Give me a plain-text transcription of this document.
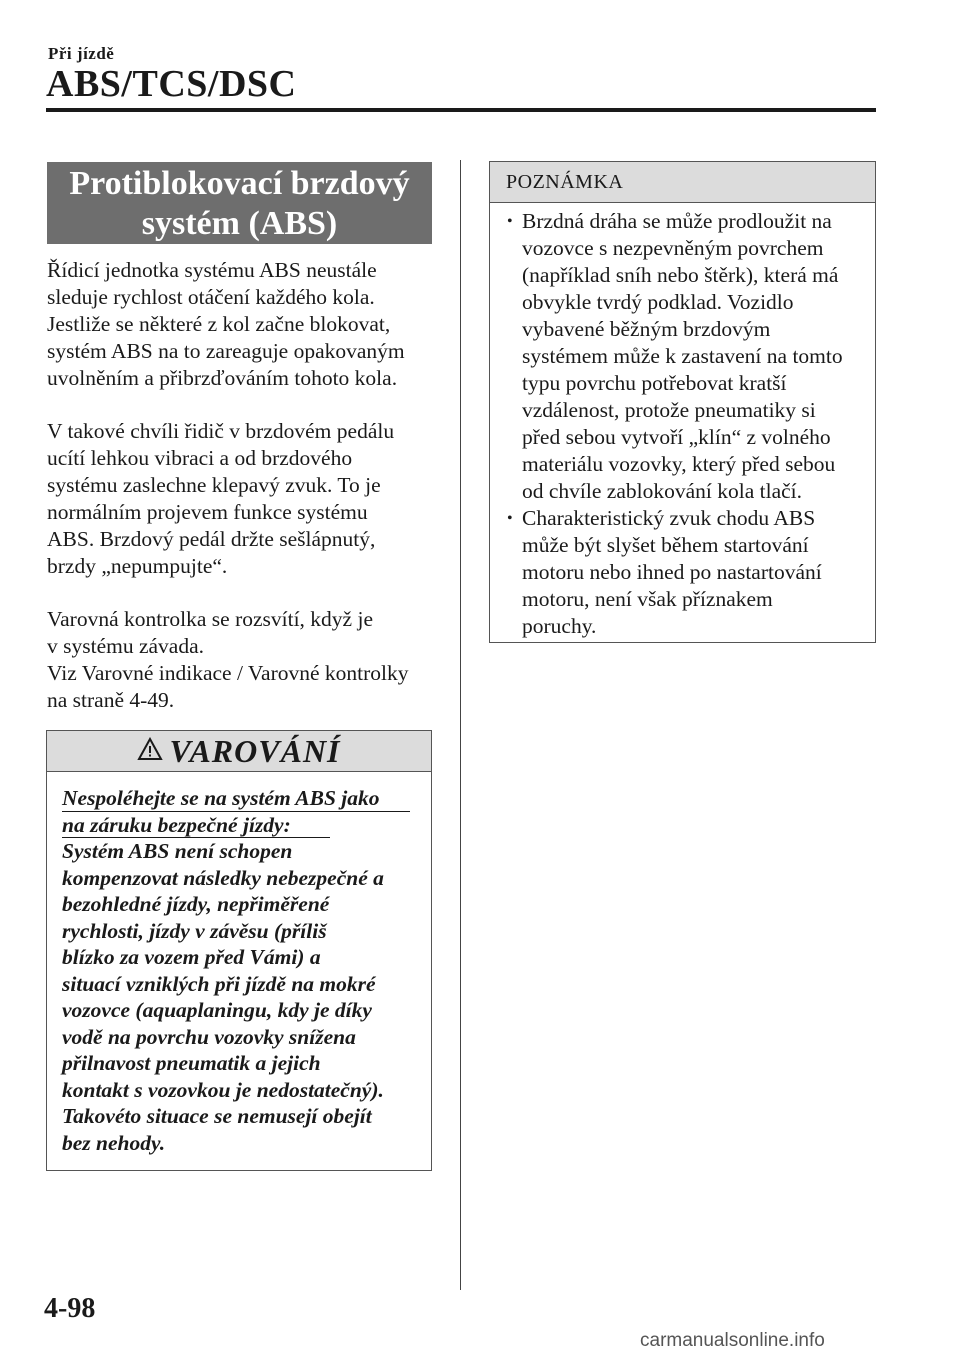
Při jízdě
ABS/TCS/DSC
Protiblokovací brzdový
systém (ABS)
Řídicí jednotka systému ABS neustále
sleduje rychlost otáčení každého kola.
Jestliže se některé z kol začne blokovat,
systém ABS na to zareaguje opakovaným
uvolněním a přibrzďováním tohoto kola.
V takové chvíli řidič v brzdovém pedálu
ucítí lehkou vibraci a od brzdového
systému zaslechne klepavý zvuk. To je
normálním projevem funkce systému
ABS. Brzdový pedál držte sešlápnutý,
brzdy „nepumpujte“.
Varovná kontrolka se rozsvítí, když je
v systému závada.
Viz Varovné indikace / Varovné kontrolky
na straně 4-49.
VAROVÁNÍ
Nespoléhejte se na systém ABS jako
na záruku bezpečné jízdy:
Systém ABS není schopen
kompenzovat následky nebezpečné a
bezohledné jízdy, nepřiměřené
rychlosti, jízdy v závěsu (příliš
blízko za vozem před Vámi) a
situací vzniklých při jízdě na mokré
vozovce (aquaplaningu, kdy je díky
vodě na povrchu vozovky snížena
přilnavost pneumatik a jejich
kontakt s vozovkou je nedostatečný).
Takovéto situace se nemusejí obejít
bez nehody.
POZNÁMKA
• Brzdná dráha se může prodloužit na
vozovce s nezpevněným povrchem
(například sníh nebo štěrk), která má
obvykle tvrdý podklad. Vozidlo
vybavené běžným brzdovým
systémem může k zastavení na tomto
typu povrchu potřebovat kratší
vzdálenost, protože pneumatiky si
před sebou vytvoří „klín“ z volného
materiálu vozovky, který před sebou
od chvíle zablokování kola tlačí.
• Charakteristický zvuk chodu ABS
může být slyšet během startování
motoru nebo ihned po nastartování
motoru, není však příznakem
poruchy.
4-98
carmanualsonline.info
